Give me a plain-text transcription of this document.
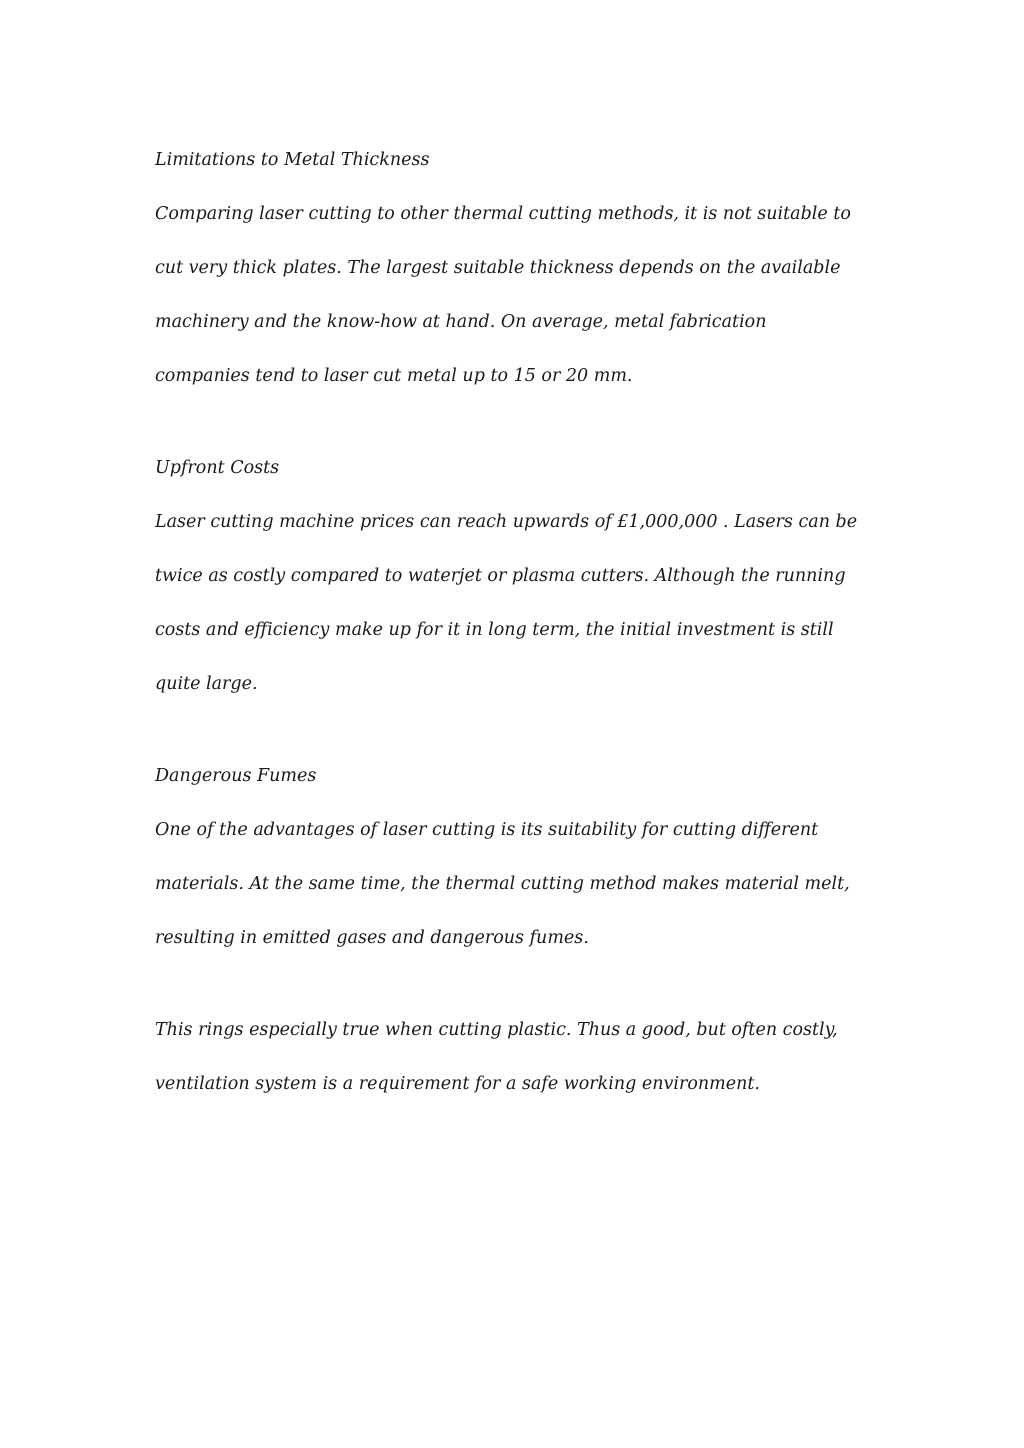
Limitations to Metal Thickness
Comparing laser cutting to other thermal cutting methods, it is not suitable to
cut very thick plates. The largest suitable thickness depends on the available
machinery and the know-how at hand. On average, metal fabrication
companies tend to laser cut metal up to 15 or 20 mm.
Upfront Costs
Laser cutting machine prices can reach upwards of £1,000,000 . Lasers can be
twice as costly compared to waterjet or plasma cutters. Although the running
costs and efficiency make up for it in long term, the initial investment is still
quite large.
Dangerous Fumes
One of the advantages of laser cutting is its suitability for cutting different
materials. At the same time, the thermal cutting method makes material melt,
resulting in emitted gases and dangerous fumes.
This rings especially true when cutting plastic. Thus a good, but often costly,
ventilation system is a requirement for a safe working environment.
